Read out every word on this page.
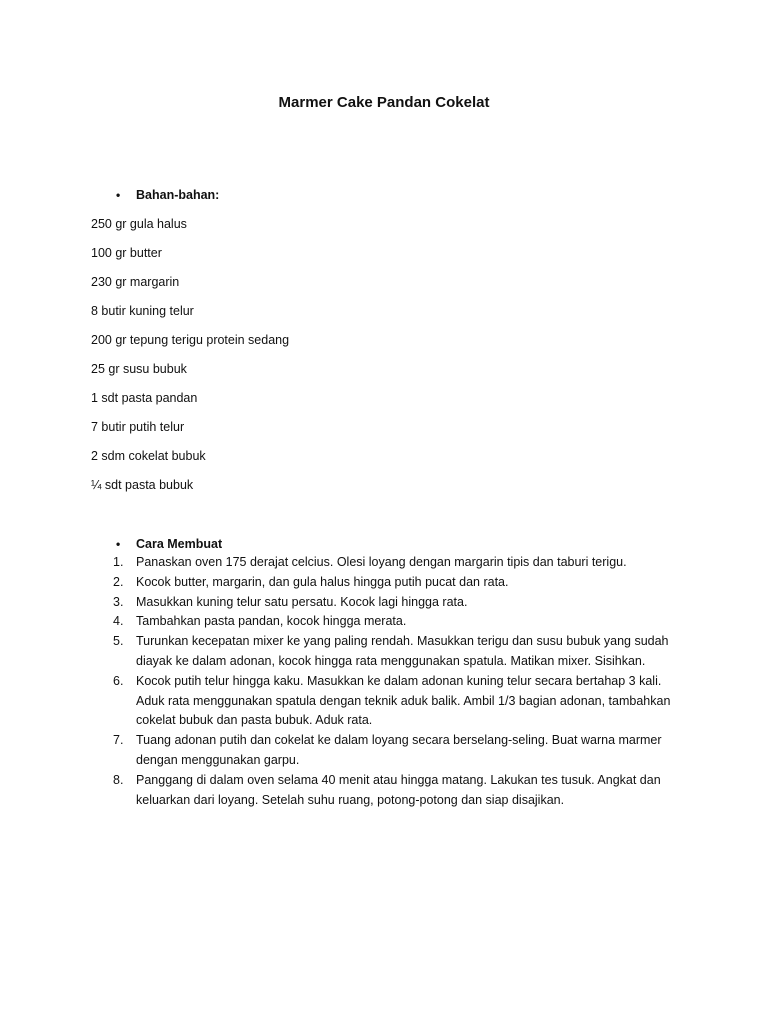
Marmer Cake Pandan Cokelat
• Bahan-bahan:
250 gr gula halus
100 gr butter
230 gr margarin
8 butir kuning telur
200 gr tepung terigu protein sedang
25 gr susu bubuk
1 sdt pasta pandan
7 butir putih telur
2 sdm cokelat bubuk
¼ sdt pasta bubuk
• Cara Membuat
1. Panaskan oven 175 derajat celcius. Olesi loyang dengan margarin tipis dan taburi terigu.
2. Kocok butter, margarin, dan gula halus hingga putih pucat dan rata.
3. Masukkan kuning telur satu persatu. Kocok lagi hingga rata.
4. Tambahkan pasta pandan, kocok hingga merata.
5. Turunkan kecepatan mixer ke yang paling rendah. Masukkan terigu dan susu bubuk yang sudah diayak ke dalam adonan, kocok hingga rata menggunakan spatula. Matikan mixer. Sisihkan.
6. Kocok putih telur hingga kaku. Masukkan ke dalam adonan kuning telur secara bertahap 3 kali. Aduk rata menggunakan spatula dengan teknik aduk balik. Ambil 1/3 bagian adonan, tambahkan cokelat bubuk dan pasta bubuk. Aduk rata.
7. Tuang adonan putih dan cokelat ke dalam loyang secara berselang-seling. Buat warna marmer dengan menggunakan garpu.
8. Panggang di dalam oven selama 40 menit atau hingga matang. Lakukan tes tusuk. Angkat dan keluarkan dari loyang. Setelah suhu ruang, potong-potong dan siap disajikan.
